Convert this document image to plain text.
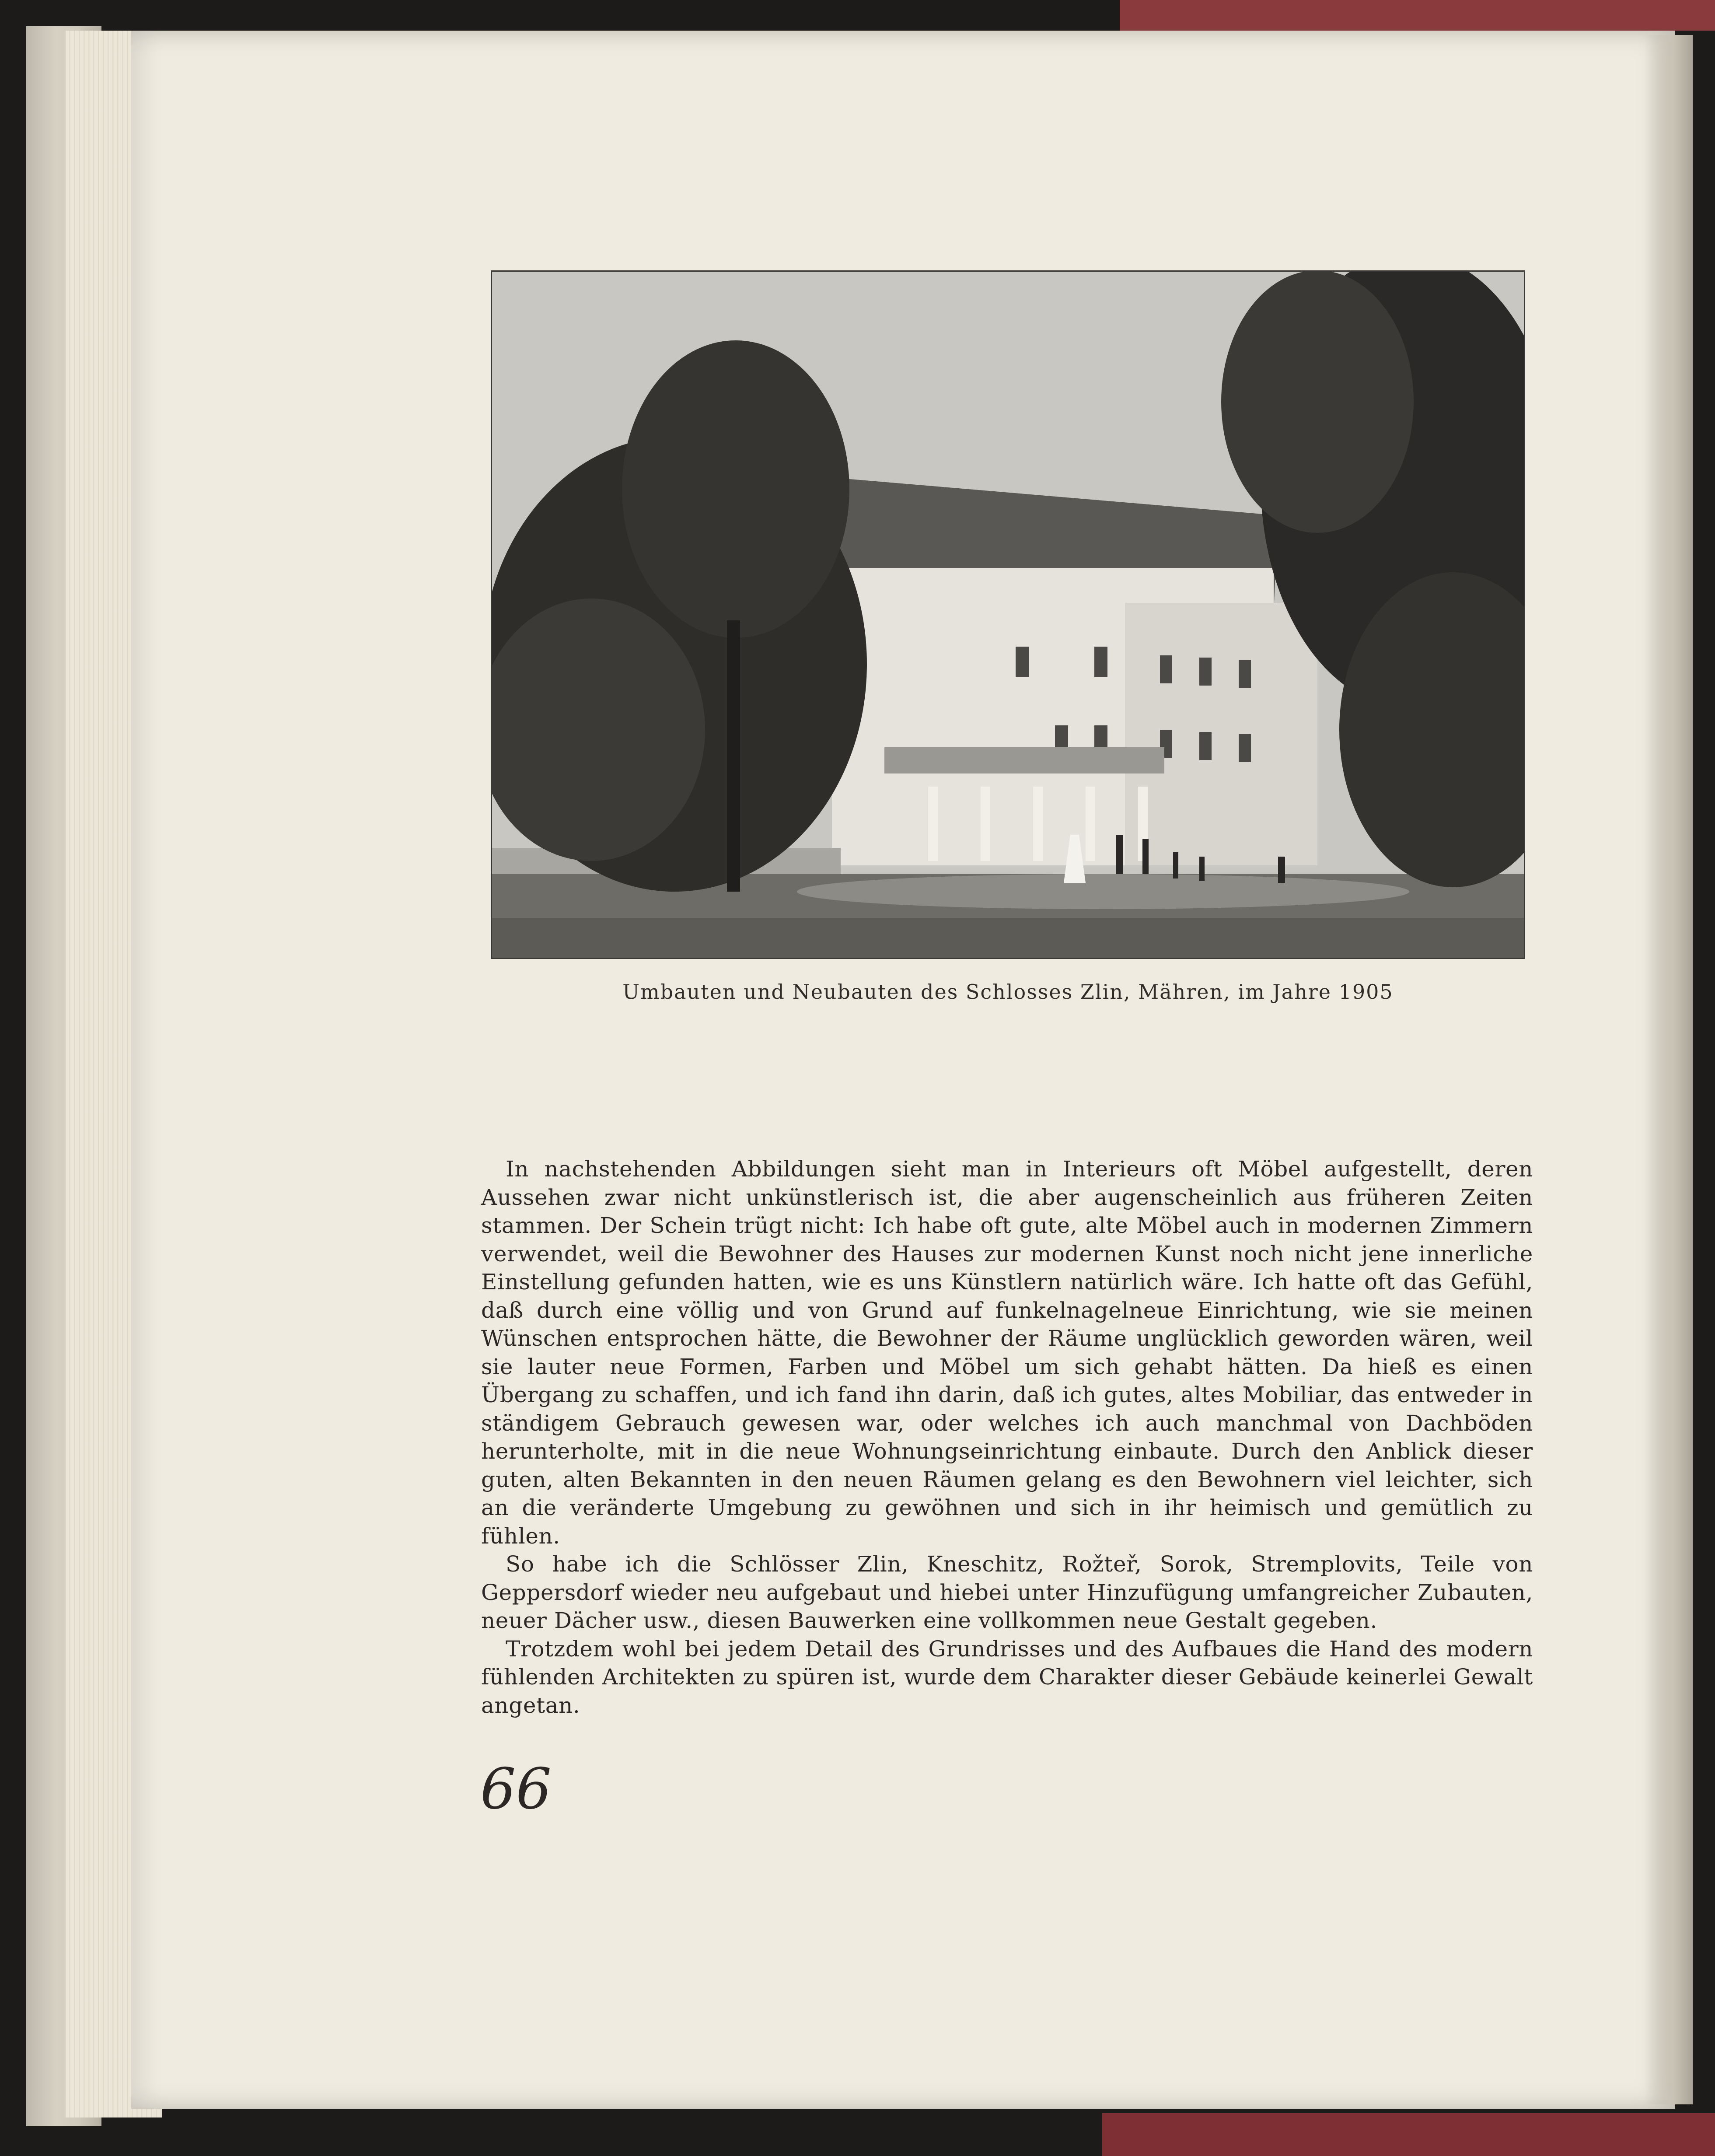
Umbauten und Neubauten des Schlosses Zlin, Mähren, im Jahre 1905

In nachstehenden Abbildungen sieht man in Interieurs oft Möbel aufgestellt, deren Aussehen zwar nicht unkünstlerisch ist, die aber augenscheinlich aus früheren Zeiten stammen. Der Schein trügt nicht: Ich habe oft gute, alte Möbel auch in modernen Zimmern verwendet, weil die Bewohner des Hauses zur modernen Kunst noch nicht jene innerliche Einstellung gefunden hatten, wie es uns Künstlern natürlich wäre. Ich hatte oft das Gefühl, daß durch eine völlig und von Grund auf funkelnagelneue Einrichtung, wie sie meinen Wünschen entsprochen hätte, die Bewohner der Räume unglücklich geworden wären, weil sie lauter neue Formen, Farben und Möbel um sich gehabt hätten. Da hieß es einen Übergang zu schaffen, und ich fand ihn darin, daß ich gutes, altes Mobiliar, das entweder in ständigem Gebrauch gewesen war, oder welches ich auch manchmal von Dachböden herunterholte, mit in die neue Wohnungseinrichtung einbaute. Durch den Anblick dieser guten, alten Bekannten in den neuen Räumen gelang es den Bewohnern viel leichter, sich an die veränderte Umgebung zu gewöhnen und sich in ihr heimisch und gemütlich zu fühlen.

So habe ich die Schlösser Zlin, Kneschitz, Rožteř, Sorok, Stremplovits, Teile von Geppersdorf wieder neu aufgebaut und hiebei unter Hinzufügung umfangreicher Zubauten, neuer Dächer usw., diesen Bauwerken eine vollkommen neue Gestalt gegeben.

Trotzdem wohl bei jedem Detail des Grundrisses und des Aufbaues die Hand des modern fühlenden Architekten zu spüren ist, wurde dem Charakter dieser Gebäude keinerlei Gewalt angetan.

66
